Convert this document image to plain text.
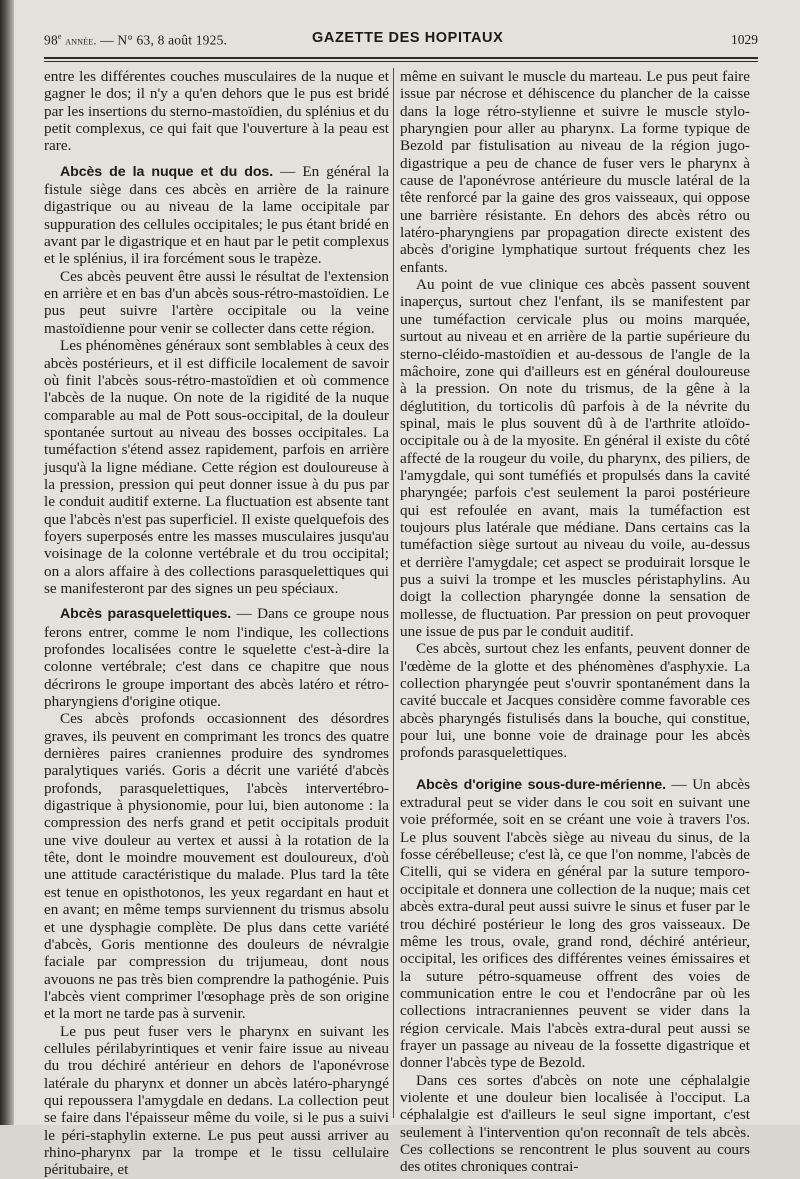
98e année. — N° 63, 8 août 1925.	GAZETTE DES HOPITAUX	1029

entre les différentes couches musculaires de la nuque et gagner le dos; il n'y a qu'en dehors que le pus est bridé par les insertions du sterno-mastoïdien, du splénius et du petit complexus, ce qui fait que l'ouverture à la peau est rare.

Abcès de la nuque et du dos. — En général la fistule siège dans ces abcès en arrière de la rainure digastrique ou au niveau de la lame occipitale par suppuration des cellules occipitales; le pus étant bridé en avant par le digastrique et en haut par le petit complexus et le splénius, il ira forcément sous le trapèze.

Ces abcès peuvent être aussi le résultat de l'extension en arrière et en bas d'un abcès sous-rétro-mastoïdien. Le pus peut suivre l'artère occipitale ou la veine mastoïdienne pour venir se collecter dans cette région.

Les phénomènes généraux sont semblables à ceux des abcès postérieurs, et il est difficile localement de savoir où finit l'abcès sous-rétro-mastoïdien et où commence l'abcès de la nuque. On note de la rigidité de la nuque comparable au mal de Pott sous-occipital, de la douleur spontanée surtout au niveau des bosses occipitales. La tuméfaction s'étend assez rapidement, parfois en arrière jusqu'à la ligne médiane. Cette région est douloureuse à la pression, pression qui peut donner issue à du pus par le conduit auditif externe. La fluctuation est absente tant que l'abcès n'est pas superficiel. Il existe quelquefois des foyers superposés entre les masses musculaires jusqu'au voisinage de la colonne vertébrale et du trou occipital; on a alors affaire à des collections parasquelettiques qui se manifesteront par des signes un peu spéciaux.

Abcès parasquelettiques. — Dans ce groupe nous ferons entrer, comme le nom l'indique, les collections profondes localisées contre le squelette c'est-à-dire la colonne vertébrale; c'est dans ce chapitre que nous décrirons le groupe important des abcès latéro et rétro-pharyngiens d'origine otique.

Ces abcès profonds occasionnent des désordres graves, ils peuvent en comprimant les troncs des quatre dernières paires craniennes produire des syndromes paralytiques variés. Goris a décrit une variété d'abcès profonds, parasquelettiques, l'abcès intervertébro-digastrique à physionomie, pour lui, bien autonome : la compression des nerfs grand et petit occipitals produit une vive douleur au vertex et aussi à la rotation de la tête, dont le moindre mouvement est douloureux, d'où une attitude caractéristique du malade. Plus tard la tête est tenue en opisthotonos, les yeux regardant en haut et en avant; en même temps surviennent du trismus absolu et une dysphagie complète. De plus dans cette variété d'abcès, Goris mentionne des douleurs de névralgie faciale par compression du trijumeau, dont nous avouons ne pas très bien comprendre la pathogénie. Puis l'abcès vient comprimer l'œsophage près de son origine et la mort ne tarde pas à survenir.

Le pus peut fuser vers le pharynx en suivant les cellules périlabyrintiques et venir faire issue au niveau du trou déchiré antérieur en dehors de l'aponévrose latérale du pharynx et donner un abcès latéro-pharyngé qui repoussera l'amygdale en dedans. La collection peut se faire dans l'épaisseur même du voile, si le pus a suivi le péri-staphylin externe. Le pus peut aussi arriver au rhino-pharynx par la trompe et le tissu cellulaire péritubaire, et

même en suivant le muscle du marteau. Le pus peut faire issue par nécrose et déhiscence du plancher de la caisse dans la loge rétro-stylienne et suivre le muscle stylo-pharyngien pour aller au pharynx. La forme typique de Bezold par fistulisation au niveau de la région jugo-digastrique a peu de chance de fuser vers le pharynx à cause de l'aponévrose antérieure du muscle latéral de la tête renforcé par la gaine des gros vaisseaux, qui oppose une barrière résistante. En dehors des abcès rétro ou latéro-pharyngiens par propagation directe existent des abcès d'origine lymphatique surtout fréquents chez les enfants.

Au point de vue clinique ces abcès passent souvent inaperçus, surtout chez l'enfant, ils se manifestent par une tuméfaction cervicale plus ou moins marquée, surtout au niveau et en arrière de la partie supérieure du sterno-cléido-mastoïdien et au-dessous de l'angle de la mâchoire, zone qui d'ailleurs est en général douloureuse à la pression. On note du trismus, de la gêne à la déglutition, du torticolis dû parfois à de la névrite du spinal, mais le plus souvent dû à de l'arthrite atloïdo-occipitale ou à de la myosite. En général il existe du côté affecté de la rougeur du voile, du pharynx, des piliers, de l'amygdale, qui sont tuméfiés et propulsés dans la cavité pharyngée; parfois c'est seulement la paroi postérieure qui est refoulée en avant, mais la tuméfaction est toujours plus latérale que médiane. Dans certains cas la tuméfaction siège surtout au niveau du voile, au-dessus et derrière l'amygdale; cet aspect se produirait lorsque le pus a suivi la trompe et les muscles péristaphylins. Au doigt la collection pharyngée donne la sensation de mollesse, de fluctuation. Par pression on peut provoquer une issue de pus par le conduit auditif.

Ces abcès, surtout chez les enfants, peuvent donner de l'œdème de la glotte et des phénomènes d'asphyxie. La collection pharyngée peut s'ouvrir spontanément dans la cavité buccale et Jacques considère comme favorable ces abcès pharyngés fistulisés dans la bouche, qui constitue, pour lui, une bonne voie de drainage pour les abcès profonds parasquelettiques.

Abcès d'origine sous-dure-mérienne. — Un abcès extradural peut se vider dans le cou soit en suivant une voie préformée, soit en se créant une voie à travers l'os. Le plus souvent l'abcès siège au niveau du sinus, de la fosse cérébelleuse; c'est là, ce que l'on nomme, l'abcès de Citelli, qui se videra en général par la suture temporo-occipitale et donnera une collection de la nuque; mais cet abcès extra-dural peut aussi suivre le sinus et fuser par le trou déchiré postérieur le long des gros vaisseaux. De même les trous, ovale, grand rond, déchiré antérieur, occipital, les orifices des différentes veines émissaires et la suture pétro-squameuse offrent des voies de communication entre le cou et l'endocrâne par où les collections intracraniennes peuvent se vider dans la région cervicale. Mais l'abcès extra-dural peut aussi se frayer un passage au niveau de la fossette digastrique et donner l'abcès type de Bezold.

Dans ces sortes d'abcès on note une céphalalgie violente et une douleur bien localisée à l'occiput. La céphalalgie est d'ailleurs le seul signe important, c'est seulement à l'intervention qu'on reconnaît de tels abcès. Ces collections se rencontrent le plus souvent au cours des otites chroniques contrai-
